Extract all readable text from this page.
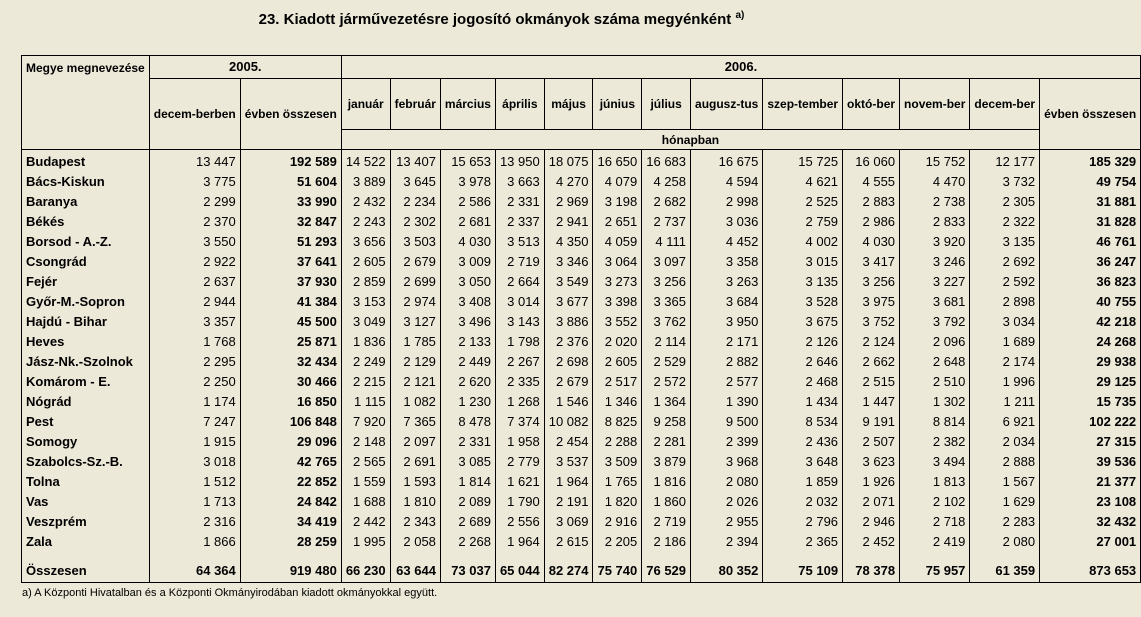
23. Kiadott járművezetésre jogosító okmányok száma megyénként $^{a)}$
Megye megnevezése	2005.		2006.												
	decem-berben	évben összesen	január	február	március	április	május	június	július	augusz-tus	szep-tember	októ-ber	novem-ber	decem-ber	évben összesen
			hónapban												
Budapest	13 447	192 589	14 522	13 407	15 653	13 950	18 075	16 650	16 683	16 675	15 725	16 060	15 752	12 177	185 329
Bács-Kiskun	3 775	51 604	3 889	3 645	3 978	3 663	4 270	4 079	4 258	4 594	4 621	4 555	4 470	3 732	49 754
Baranya	2 299	33 990	2 432	2 234	2 586	2 331	2 969	3 198	2 682	2 998	2 525	2 883	2 738	2 305	31 881
Békés	2 370	32 847	2 243	2 302	2 681	2 337	2 941	2 651	2 737	3 036	2 759	2 986	2 833	2 322	31 828
Borsod - A.-Z.	3 550	51 293	3 656	3 503	4 030	3 513	4 350	4 059	4 111	4 452	4 002	4 030	3 920	3 135	46 761
Csongrád	2 922	37 641	2 605	2 679	3 009	2 719	3 346	3 064	3 097	3 358	3 015	3 417	3 246	2 692	36 247
Fejér	2 637	37 930	2 859	2 699	3 050	2 664	3 549	3 273	3 256	3 263	3 135	3 256	3 227	2 592	36 823
Győr-M.-Sopron	2 944	41 384	3 153	2 974	3 408	3 014	3 677	3 398	3 365	3 684	3 528	3 975	3 681	2 898	40 755
Hajdú - Bihar	3 357	45 500	3 049	3 127	3 496	3 143	3 886	3 552	3 762	3 950	3 675	3 752	3 792	3 034	42 218
Heves	1 768	25 871	1 836	1 785	2 133	1 798	2 376	2 020	2 114	2 171	2 126	2 124	2 096	1 689	24 268
Jász-Nk.-Szolnok	2 295	32 434	2 249	2 129	2 449	2 267	2 698	2 605	2 529	2 882	2 646	2 662	2 648	2 174	29 938
Komárom - E.	2 250	30 466	2 215	2 121	2 620	2 335	2 679	2 517	2 572	2 577	2 468	2 515	2 510	1 996	29 125
Nógrád	1 174	16 850	1 115	1 082	1 230	1 268	1 546	1 346	1 364	1 390	1 434	1 447	1 302	1 211	15 735
Pest	7 247	106 848	7 920	7 365	8 478	7 374	10 082	8 825	9 258	9 500	8 534	9 191	8 814	6 921	102 222
Somogy	1 915	29 096	2 148	2 097	2 331	1 958	2 454	2 288	2 281	2 399	2 436	2 507	2 382	2 034	27 315
Szabolcs-Sz.-B.	3 018	42 765	2 565	2 691	3 085	2 779	3 537	3 509	3 879	3 968	3 648	3 623	3 494	2 888	39 536
Tolna	1 512	22 852	1 559	1 593	1 814	1 621	1 964	1 765	1 816	2 080	1 859	1 926	1 813	1 567	21 377
Vas	1 713	24 842	1 688	1 810	2 089	1 790	2 191	1 820	1 860	2 026	2 032	2 071	2 102	1 629	23 108
Veszprém	2 316	34 419	2 442	2 343	2 689	2 556	3 069	2 916	2 719	2 955	2 796	2 946	2 718	2 283	32 432
Zala	1 866	28 259	1 995	2 058	2 268	1 964	2 615	2 205	2 186	2 394	2 365	2 452	2 419	2 080	27 001

Összesen	64 364	919 480	66 230	63 644	73 037	65 044	82 274	75 740	76 529	80 352	75 109	78 378	75 957	61 359	873 653
a) A Központi Hivatalban és a Központi Okmányirodában kiadott okmányokkal együtt.
